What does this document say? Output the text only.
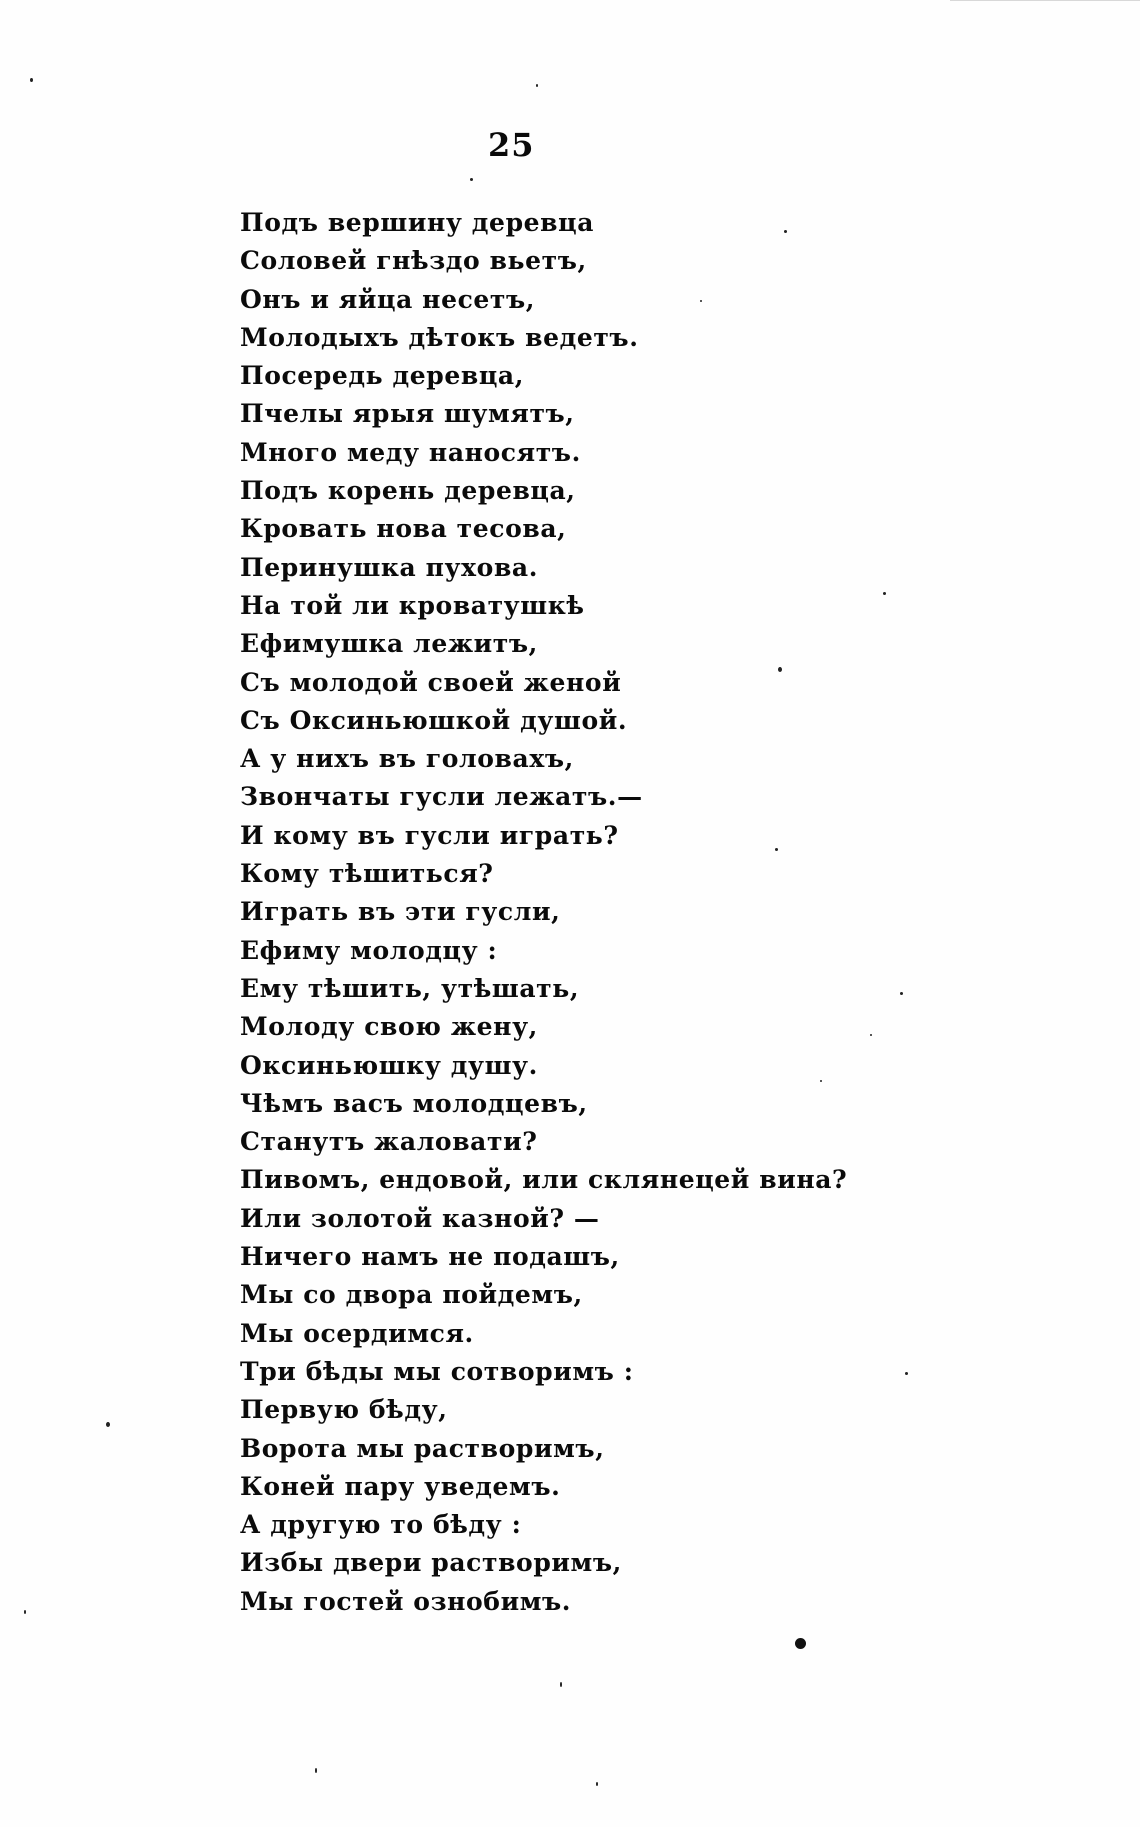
25
Подъ вершину деревца
Соловей гнѣздо вьетъ,
Онъ и яйца несетъ,
Молодыхъ дѣтокъ ведетъ.
Посередь деревца,
Пчелы ярыя шумятъ,
Много меду наносятъ.
Подъ корень деревца,
Кровать нова тесова,
Перинушка пухова.
На той ли кроватушкѣ
Ефимушка лежитъ,
Съ молодой своей женой
Съ Оксиньюшкой душой.
А у нихъ въ головахъ,
Звончаты гусли лежатъ.—
И кому въ гусли играть?
Кому тѣшиться?
Играть въ эти гусли,
Ефиму молодцу :
Ему тѣшить, утѣшать,
Молоду свою жену,
Оксиньюшку душу.
Чѣмъ васъ молодцевъ,
Станутъ жаловати?
Пивомъ, ендовой, или склянецей вина?
Или золотой казной? —
Ничего намъ не подашъ,
Мы со двора пойдемъ,
Мы осердимся.
Три бѣды мы сотворимъ :
Первую бѣду,
Ворота мы растворимъ,
Коней пару уведемъ.
А другую то бѣду :
Избы двери растворимъ,
Мы гостей ознобимъ.
